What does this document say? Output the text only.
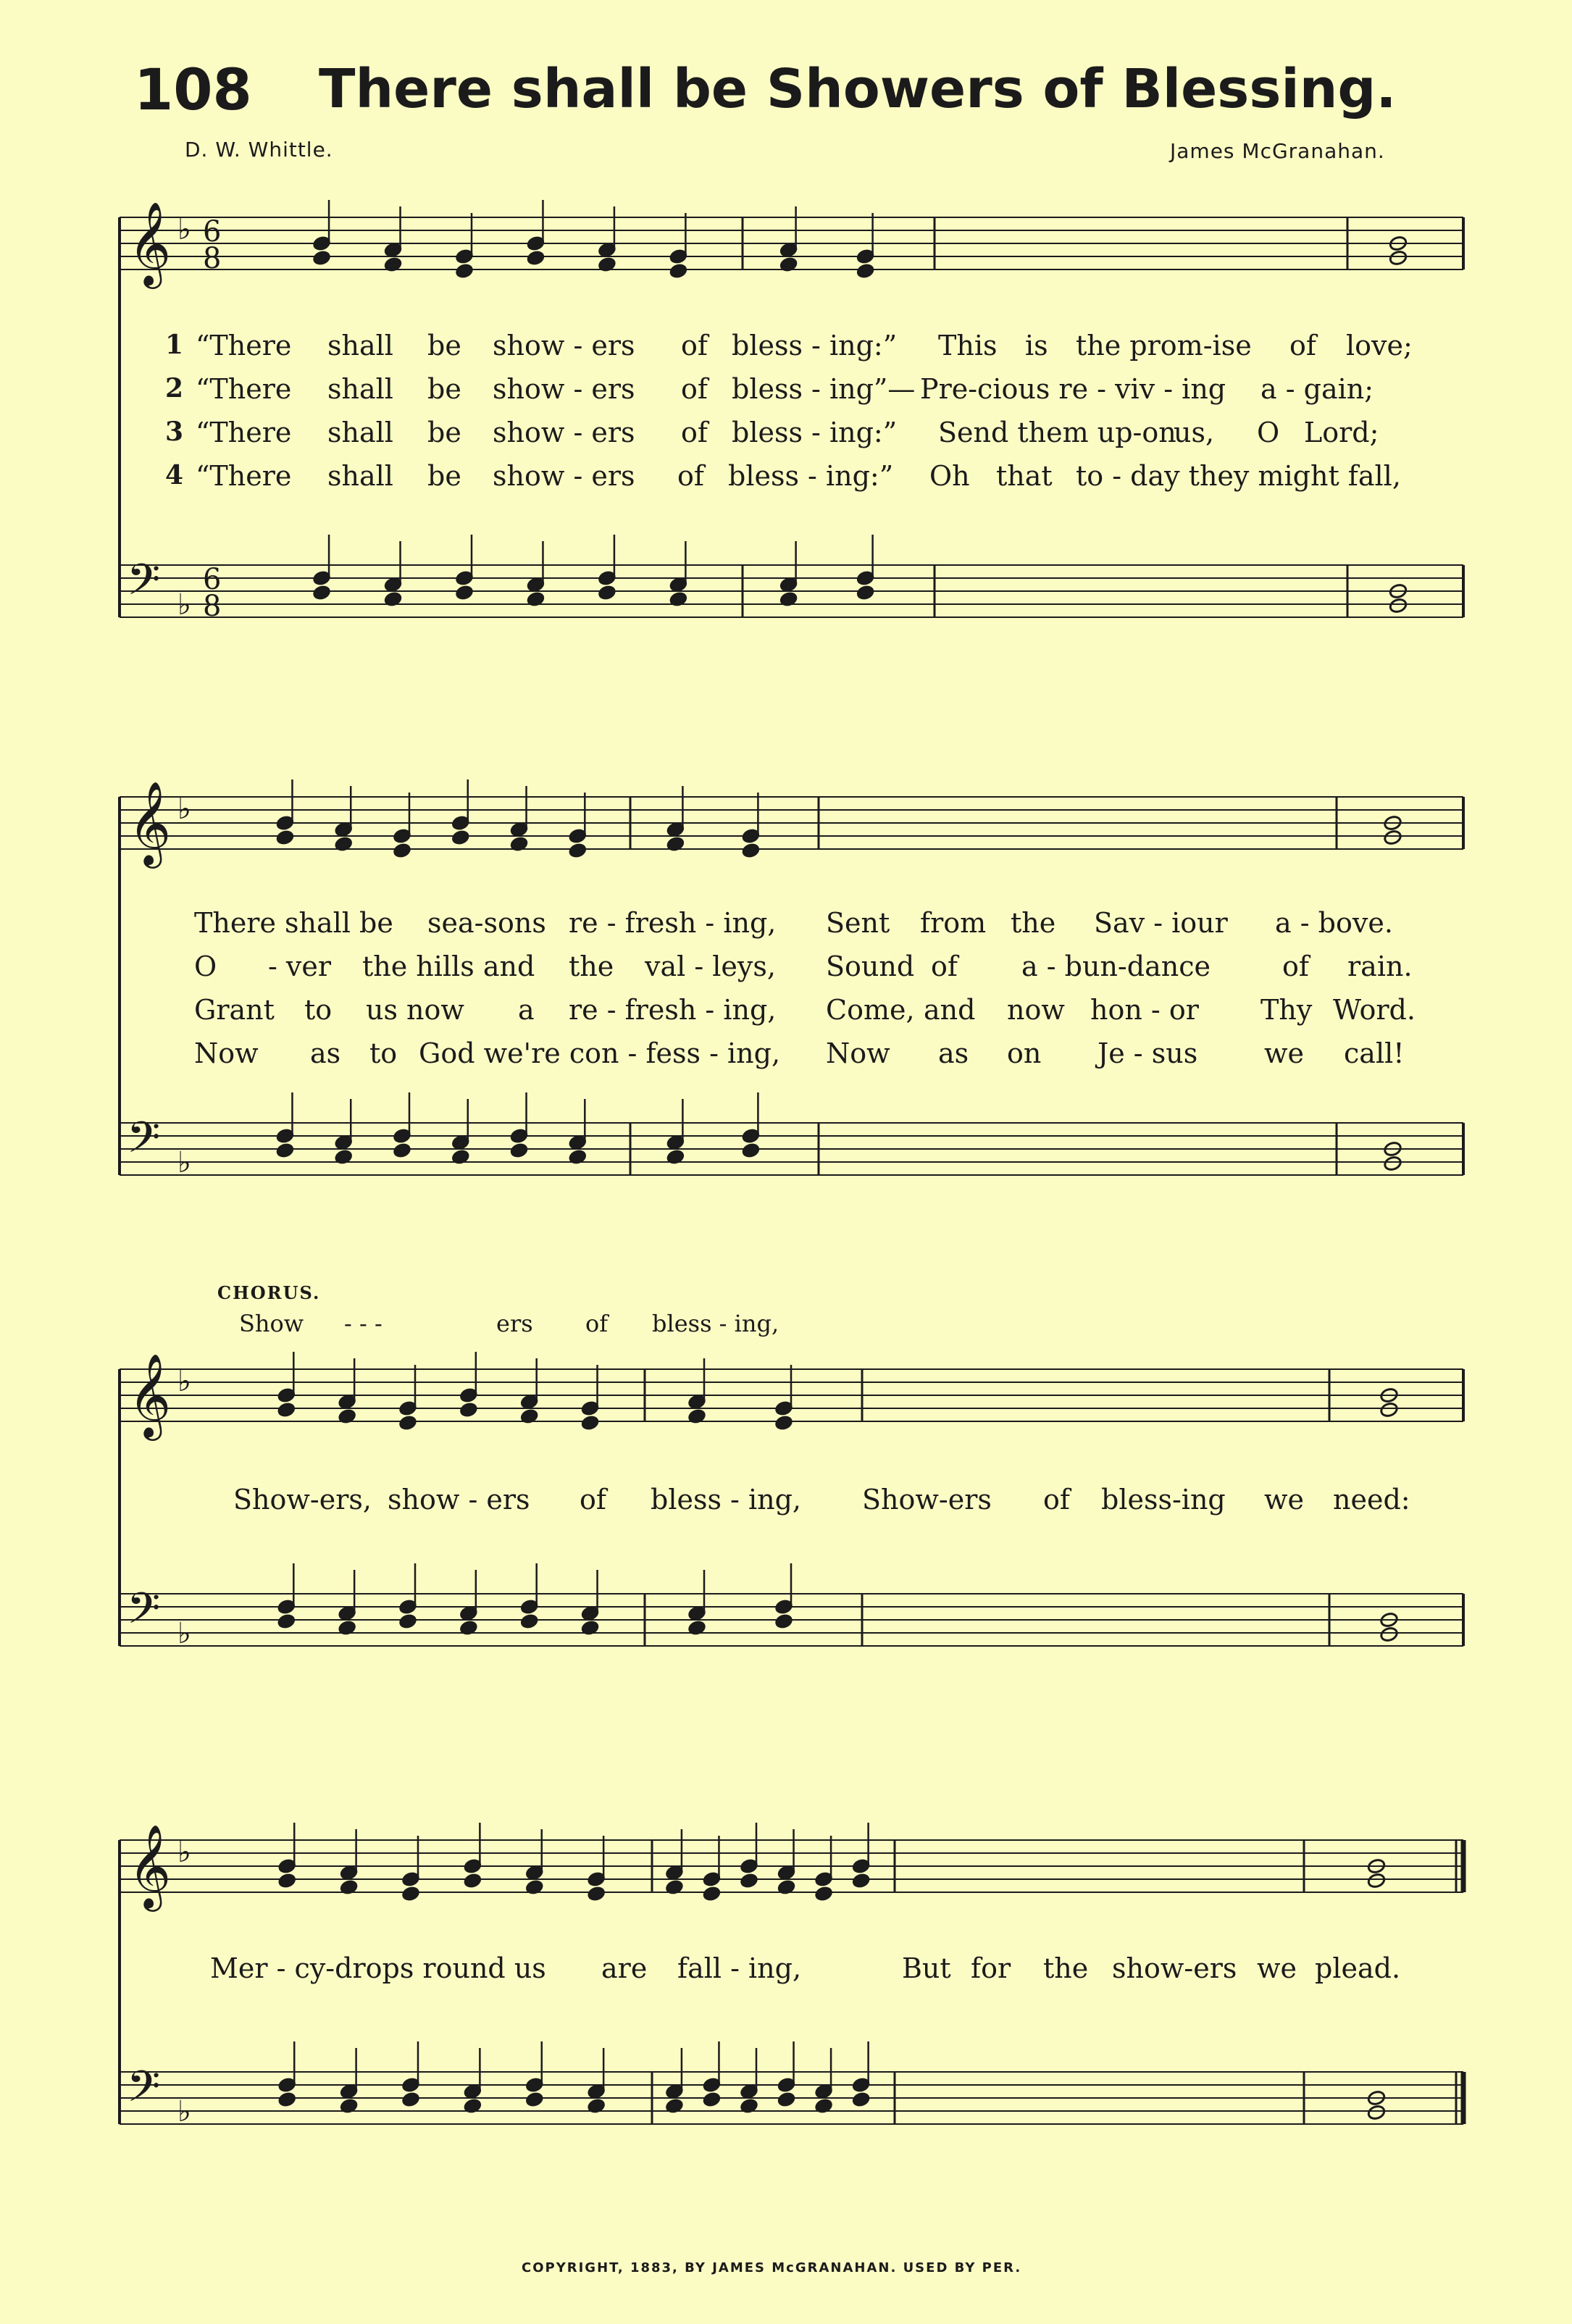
108 There shall be Showers of Blessing.
D. W. Whittle.	James McGranahan.
𝄞 ♭ 6
8
𝄢 ♭
6
8
𝄞 ♭
𝄢 ♭
𝄞 ♭
𝄢 ♭
𝄞 ♭
𝄢 ♭
1
2
3
4
“There shall be show - ers of bless - ing:” This is the prom-ise of love;
“There shall be show - ers of bless - ing”— Pre-cious re - viv - ing a - gain;
“There shall be show - ers of bless - ing:” Send them up-on
us, O Lord;
“There shall be show - ers of bless - ing:” Oh that to - day they might fall,
There shall be sea-sons re - fresh - ing, Sent from the Sav - iour a - bove.
O - ver the hills and the val - leys, Sound of a - bun-dance	of rain.
Grant to us now a re - fresh - ing, Come, and now hon - or Thy Word.
Now as to God we're con - fess - ing, Now as on Je - sus we call!
CHORUS.
Show - - -	ers of bless - ing,
Show-ers, show - ers of bless - ing, Show-ers of bless-ing we need:
Mer - cy-drops round us are fall - ing,	But for the show-ers we plead.
COPYRIGHT, 1883, BY JAMES McGRANAHAN. USED BY PER.
